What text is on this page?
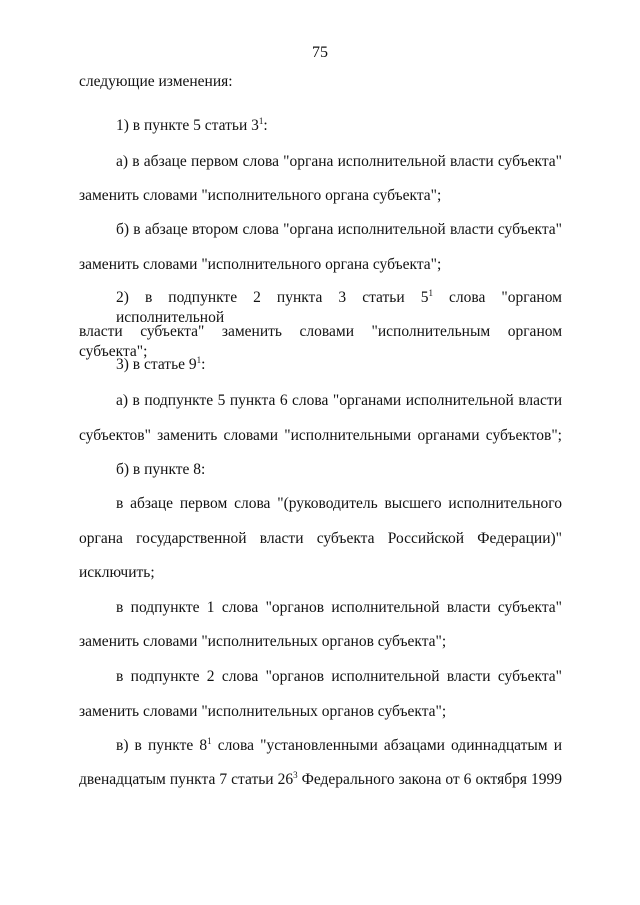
75
следующие изменения:
1) в пункте 5 статьи $3^1$:
а) в абзаце первом слова "органа исполнительной власти субъекта"
заменить словами "исполнительного органа субъекта";
б) в абзаце втором слова "органа исполнительной власти субъекта"
заменить словами "исполнительного органа субъекта";
2) в подпункте 2 пункта 3 статьи $5^1$ слова "органом исполнительной
власти субъекта" заменить словами "исполнительным органом субъекта";
3) в статье $9^1$:
а) в подпункте 5 пункта 6 слова "органами исполнительной власти
субъектов" заменить словами "исполнительными органами субъектов";
б) в пункте 8:
в абзаце первом слова "(руководитель высшего исполнительного
органа государственной власти субъекта Российской Федерации)"
исключить;
в подпункте 1 слова "органов исполнительной власти субъекта"
заменить словами "исполнительных органов субъекта";
в подпункте 2 слова "органов исполнительной власти субъекта"
заменить словами "исполнительных органов субъекта";
в) в пункте $8^1$ слова "установленными абзацами одиннадцатым и
двенадцатым пункта 7 статьи $26^3$ Федерального закона от 6 октября 1999
